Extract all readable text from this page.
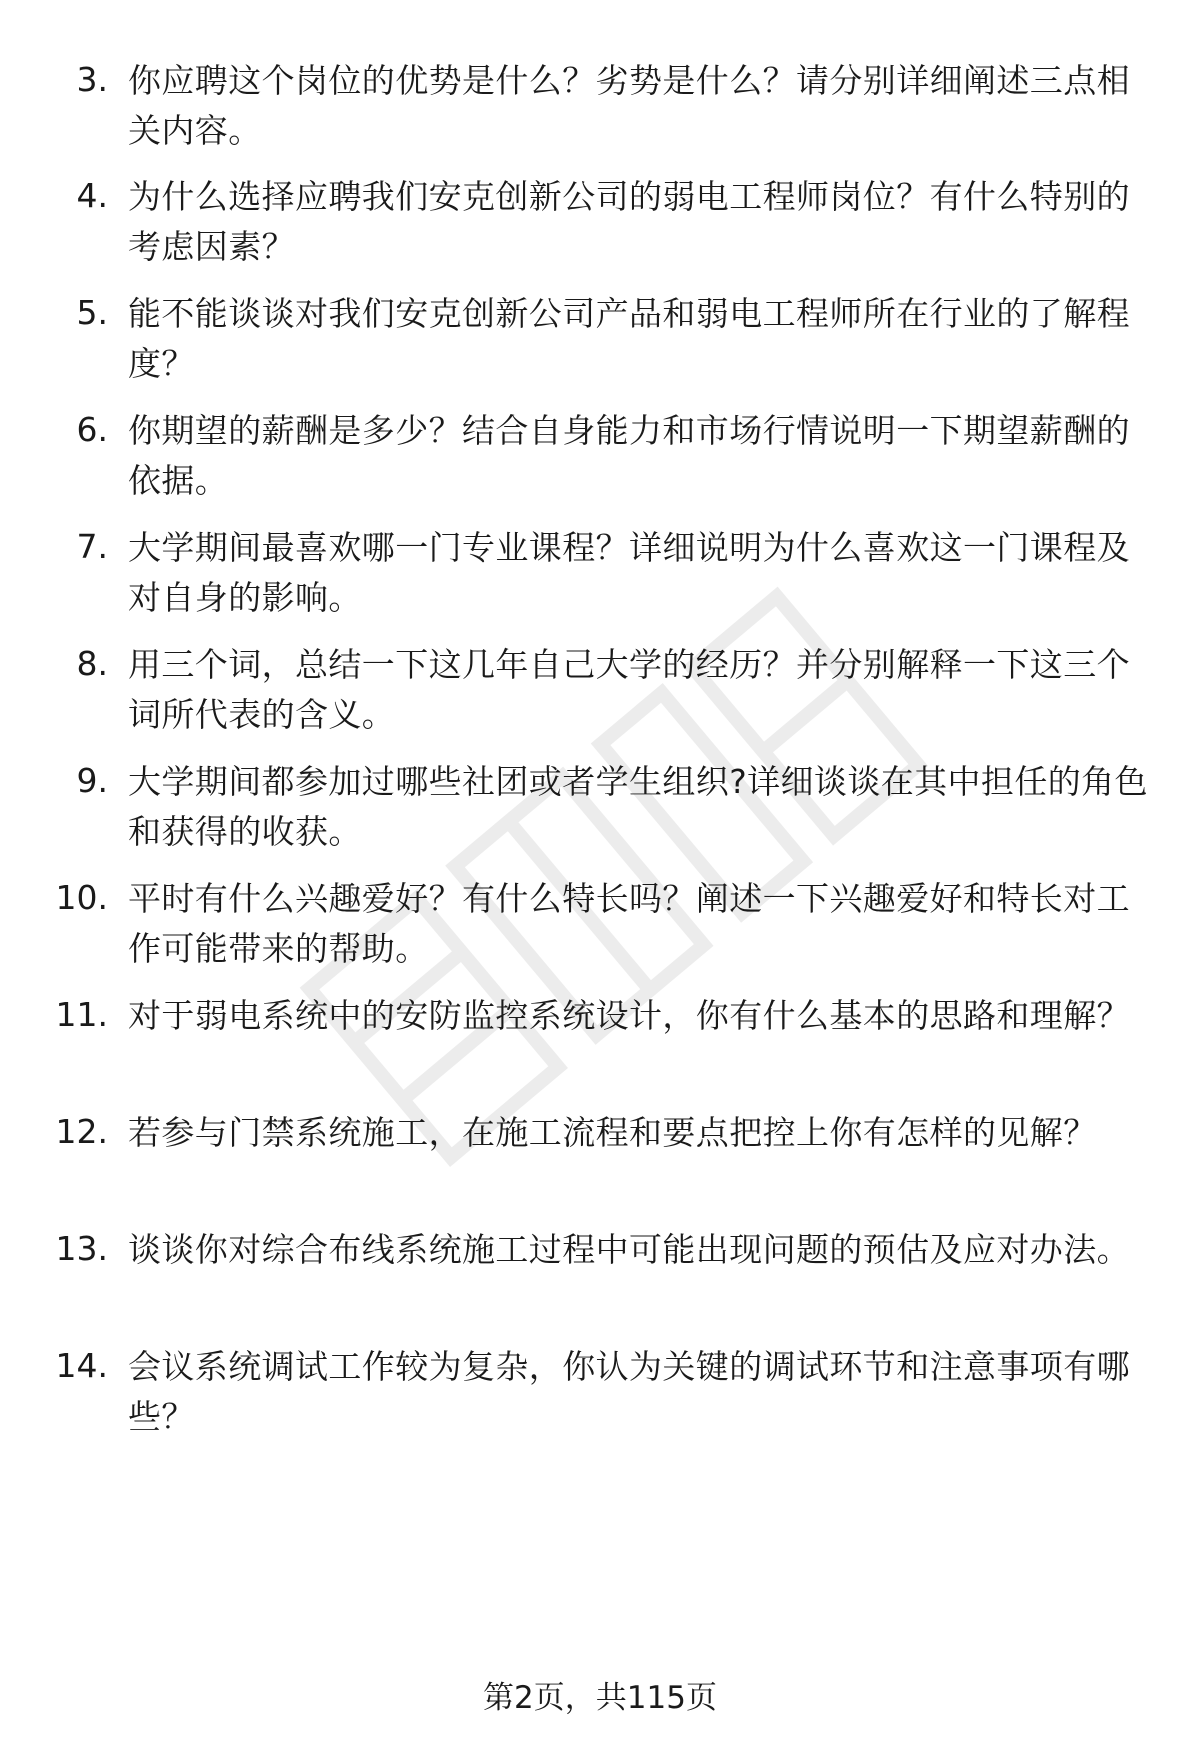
3. 你应聘这个岗位的优势是什么？劣势是什么？请分别详细阐述三点相关内容。
4. 为什么选择应聘我们安克创新公司的弱电工程师岗位？有什么特别的考虑因素？
5. 能不能谈谈对我们安克创新公司产品和弱电工程师所在行业的了解程度？
6. 你期望的薪酬是多少？结合自身能力和市场行情说明一下期望薪酬的依据。
7. 大学期间最喜欢哪一门专业课程？详细说明为什么喜欢这一门课程及对自身的影响。
8. 用三个词，总结一下这几年自己大学的经历？并分别解释一下这三个词所代表的含义。
9. 大学期间都参加过哪些社团或者学生组织?详细谈谈在其中担任的角色和获得的收获。
10. 平时有什么兴趣爱好？有什么特长吗？阐述一下兴趣爱好和特长对工作可能带来的帮助。
11. 对于弱电系统中的安防监控系统设计，你有什么基本的思路和理解？
12. 若参与门禁系统施工，在施工流程和要点把控上你有怎样的见解？
13. 谈谈你对综合布线系统施工过程中可能出现问题的预估及应对办法。
14. 会议系统调试工作较为复杂，你认为关键的调试环节和注意事项有哪些？
第2页，共115页
